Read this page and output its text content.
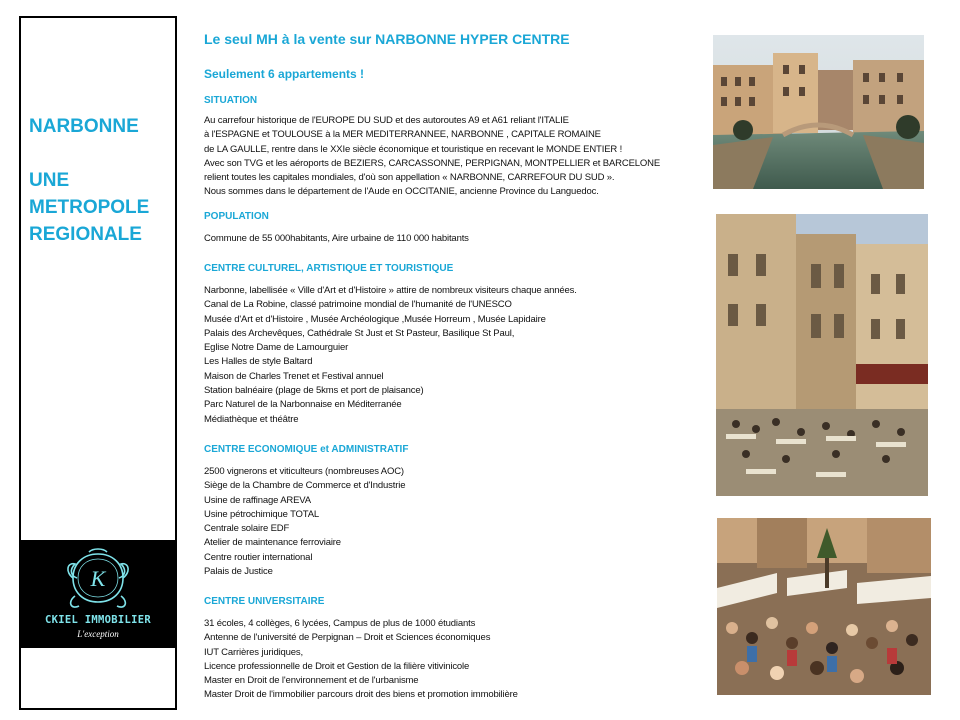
NARBONNE
UNE
METROPOLE
REGIONALE
K
CKIEL IMMOBILIER
L'exception
Le seul MH à la vente sur NARBONNE HYPER CENTRE
Seulement 6 appartements !
SITUATION
Au carrefour historique de l'EUROPE DU SUD et des autoroutes A9 et A61 reliant l'ITALIE
à l'ESPAGNE et TOULOUSE à la MER MEDITERRANNEE, NARBONNE , CAPITALE ROMAINE
de LA GAULLE, rentre dans le XXIe siècle économique et touristique en recevant le MONDE ENTIER !
Avec son TVG et les aéroports de BEZIERS, CARCASSONNE, PERPIGNAN, MONTPELLIER et BARCELONE
relient toutes les capitales mondiales, d'où son appellation « NARBONNE, CARREFOUR DU SUD ».
Nous sommes dans le département de l'Aude en OCCITANIE, ancienne Province du Languedoc.
POPULATION
Commune de 55 000habitants, Aire urbaine de 110 000 habitants
CENTRE CULTUREL, ARTISTIQUE ET TOURISTIQUE
Narbonne, labellisée « Ville d'Art et d'Histoire » attire de nombreux visiteurs chaque années.
Canal de La Robine, classé patrimoine mondial de l'humanité de l'UNESCO
Musée d'Art et d'Histoire , Musée Archéologique ,Musée Horreum , Musée Lapidaire
Palais des Archevêques, Cathédrale St Just et St Pasteur, Basilique St Paul,
Eglise Notre Dame de Lamourguier
Les Halles de style Baltard
Maison de Charles Trenet et Festival annuel
Station balnéaire (plage de 5kms et port de plaisance)
Parc Naturel de la Narbonnaise en Méditerranée
Médiathèque et théâtre
CENTRE ECONOMIQUE et ADMINISTRATIF
2500 vignerons et viticulteurs (nombreuses AOC)
Siège de la Chambre de Commerce et d'Industrie
Usine de raffinage AREVA
Usine pétrochimique TOTAL
Centrale solaire EDF
Atelier de maintenance ferroviaire
Centre routier international
Palais de Justice
CENTRE UNIVERSITAIRE
31 écoles, 4 collèges, 6 lycées, Campus de plus de 1000 étudiants
Antenne de l'université de Perpignan – Droit et Sciences économiques
IUT Carrières juridiques,
Licence professionnelle de Droit et Gestion de la filière vitivinicole
Master en Droit de l'environnement et de l'urbanisme
Master Droit de l'immobilier parcours droit des biens et promotion immobilière
